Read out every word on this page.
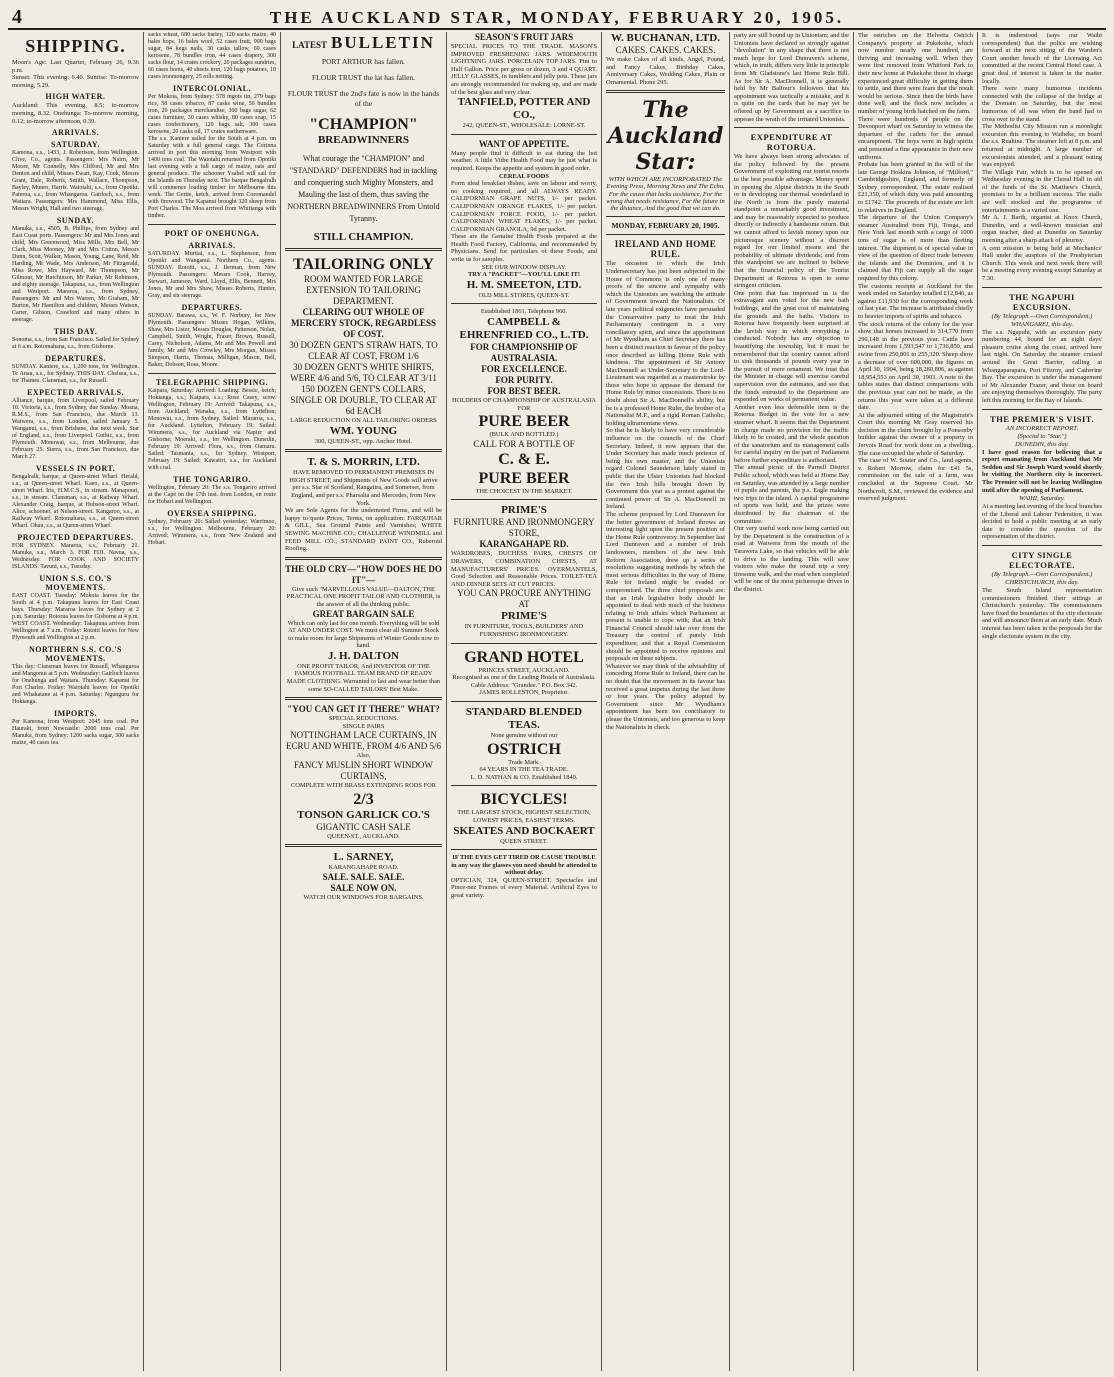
4	THE AUCKLAND STAR, MONDAY, FEBRUARY 20, 1905.
SHIPPING.

Moon's Age: Last Quarter, February 26, 9.36 p.m.

Sunset: This evening: 6.40. Sunrise: To-morrow morning, 5.29.

HIGH WATER.

Auckland: This evening, 8.5; to-morrow morning, 8.32. Onehunga: To-morrow morning, 0.12; to-morrow afternoon, 0.39.

ARRIVALS.
SATURDAY.

Kamona, s.s., 1433, J. Robertson, from Wellington. Clive, Co., agents. Passengers: Mrs Nairn, Mr Moore, Mr Connelly, Mrs Clifford, Mr and Mrs Denton and child, Misses Ewart, Kay, Cook, Messrs Grant, Dale, Roberts, Smith, Wallace, Thompson, Bayley, Munro, Harris. Waiotahi, s.s., from Opotiki. Pateroa, s.s., from Whangaroa. Gairloch, s.s., from Waitara. Passengers: Mrs Hammond, Miss Ellis, Messrs Wright, Hall and two steerage.

SUNDAY.

Manuka, s.s., 4505, B. Phillips, from Sydney and East Coast ports. Passengers: Mr and Mrs Jones and child, Mrs Greenwood, Miss Mills, Mrs Bell, Mr Clark, Miss Mooney, Mr and Mrs Cotton, Messrs Dunn, Scott, Walker, Mason, Young, Lane, Reid, Mr Harding, Mr Wade, Mrs Anderson, Mr Fitzgerald, Miss Rowe, Mrs Hayward, Mr Thompson, Mr Gilmour, Mr Hutchinson, Mr Parker, Mr Robinson, and eighty steerage. Takapuna, s.s., from Wellington and Westport. Mararoa, s.s., from Sydney. Passengers: Mr and Mrs Warren, Mr Graham, Mr Burton, Mr Hamilton and children, Messrs Watson, Carter, Gibson, Crawford and many others in steerage.

THIS DAY.

Sonoma, s.s., from San Francisco. Sailed for Sydney at 6 a.m. Rotomahana, s.s., from Gisborne.

DEPARTURES.

SUNDAY. Kaniere, s.s., 1,200 tons, for Wellington. Te Anau, s.s., for Sydney. THIS DAY. Chelsea, s.s., for Thames. Clansman, s.s., for Russell.

EXPECTED ARRIVALS.

Alliance, barque, from Liverpool, sailed February 10. Victoria, s.s., from Sydney, due Sunday. Moana, R.M.S., from San Francisco, due March 13. Waiwera, s.s., from London, sailed January 5. Wanganui, s.s., from Brisbane, due next week. Star of England, s.s., from Liverpool. Gothic, s.s., from Plymouth. Monowai, s.s., from Melbourne, due February 25. Sierra, s.s., from San Francisco, due March 27.

VESSELS IN PORT.

Bengalralh, barque, at Queen-street Wharf. Herald, s.s., at Queen-street Wharf. Kaeo, s.s., at Queen-street Wharf. Iris, H.M.C.S., in stream. Manapouri, s.s., in stream. Clansman, s.s., at Railway Wharf. Alexander Craig, barque, at Hobson-street Wharf. Alice, schooner, at Nelson-street. Kangaroo, s.s., at Railway Wharf. Rotomahana, s.s., at Queen-street Wharf. Ohau, s.s., at Queen-street Wharf.

PROJECTED DEPARTURES.

FOR SYDNEY. Mararoa, s.s., February 21. Manuka, s.s., March 3. FOR FIJI. Navua, s.s., Wednesday. FOR COOK AND SOCIETY ISLANDS. Tavuni, s.s., Tuesday.

UNION S.S. CO.'S MOVEMENTS.

EAST COAST. Tuesday: Mokoia leaves for the South at 4 p.m. Takapuna leaves for East Coast bays. Thursday: Mararoa leaves for Sydney at 2 p.m. Saturday: Rotorua leaves for Gisborne at 4 p.m. WEST COAST. Wednesday: Takapuna arrives from Wellington at 7 a.m. Friday: Rotoiti leaves for New Plymouth and Wellington at 2 p.m.

NORTHERN S.S. CO.'S MOVEMENTS.

This day: Clansman leaves for Russell, Whangaroa and Mangonui at 5 p.m. Wednesday: Gairloch leaves for Onehunga and Waitara. Thursday: Kapanui for Port Charles. Friday: Waiotahi leaves for Opotiki and Whakatane at 4 p.m. Saturday: Ngunguru for Hokianga.

IMPORTS.

Per Kamona, from Westport: 2045 tons coal. Per Hauraki, from Newcastle: 2000 tons coal. Per Manuka, from Sydney: 1200 sacks sugar, 300 sacks maize, 40 cases tea.

sacks wheat, 680 sacks barley, 120 sacks maize, 40 bales hops, 16 bales wool, 52 cases fruit, 900 bags sugar, 84 kegs nails, 30 casks tallow, 60 cases kerosene, 78 bundles iron, 44 cases drapery, 300 sacks flour, 14 crates crockery, 20 packages sundries, 66 cases boots, 40 sheets iron, 120 bags potatoes, 18 cases ironmongery, 25 rolls netting.

INTERCOLONIAL.

Per Mokoia, from Sydney: 578 ingots tin, 279 bags rice, 58 cases tobacco, 87 casks wine, 56 bundles iron, 20 packages merchandise, 300 bags sugar, 62 cases furniture, 30 cases whisky, 80 cases soap, 15 cases confectionery, 120 bags salt, 300 cases kerosene, 20 casks oil, 17 crates earthenware.

The s.s. Kaniere sailed for the South at 4 p.m. on Saturday with a full general cargo. The Corinna arrived in port this morning from Westport with 1400 tons coal. The Waiotahi returned from Opotiki last evening with a full cargo of maize, oats and general produce. The schooner Ysabel will sail for the Islands on Thursday next. The barque Bengalralh will commence loading timber for Melbourne this week. The Gertie, ketch, arrived from Coromandel with firewood. The Kapanui brought 320 sheep from Port Charles. The Moa arrived from Whitianga with timber.

PORT OF ONEHUNGA.
ARRIVALS.

SATURDAY. Muritai, s.s., L. Stephenson, from Opotiki and Wanganui. Northern Co., agents. SUNDAY. Rotoiti, s.s., J. Ilerman, from New Plymouth. Passengers: Messrs Cook, Harvey, Stewart, Jameson, Ward, Lloyd, Ellis, Bennett, Mrs Jones, Mr and Mrs Shaw, Misses Roberts, Hunter, Gray, and six steerage.

DEPARTURES.

SUNDAY. Barawa, s.s., W. F. Norbury, for New Plymouth. Passengers: Misses Hogan, Wilkins, Shaw, Mrs Lister, Messrs Douglas, Patterson, Nolan, Campbell, Smith, Wright, Fraser, Brown, Russell, Carey, Nicholson, Adams, Mr and Mrs Powell and family, Mr and Mrs Crowley, Mrs Morgan, Misses Simpson, Harris, Thomas, Milligan, Mason, Bell, Baker, Dobson, Ross, Moore.

TELEGRAPHIC SHIPPING.

Kaipara, Saturday: Arrived: Loading: Bessie, ketch; Hokianga, s.s.; Kaipara, s.s.; Rose Casey, scow. Wellington, February 19: Arrived: Takapuna, s.s., from Auckland; Wanaka, s.s., from Lyttelton; Monowai, s.s., from Sydney. Sailed: Mararoa, s.s., for Auckland. Lyttelton, February 19: Sailed: Wimmera, s.s., for Auckland via Napier and Gisborne; Moeraki, s.s., for Wellington. Dunedin, February 19: Arrived: Flora, s.s., from Oamaru. Sailed: Tasmania, s.s., for Sydney. Westport, February 19: Sailed: Kawatiri, s.s., for Auckland with coal.

THE TONGARIRO.

Wellington, February 20: The s.s. Tongariro arrived at the Cape on the 17th inst. from London, en route for Hobart and Wellington.

OVERSEA SHIPPING.

Sydney, February 20: Sailed yesterday: Warrimoo, s.s., for Wellington. Melbourne, February 20: Arrived: Wimmera, s.s., from New Zealand and Hobart.

LATEST BULLETIN
PORT ARTHUR has fallen.
FLOUR TRUST the lat has fallen.
FLOUR TRUST the 2nd's fate is now in the hands of the
"CHAMPION"
BREADWINNERS
What courage the "CHAMPION" and "STANDARD" DEFENDERS had in tackling and conquering such Mighty Monsters, and Mauling the last of them, thus saving the NORTHERN BREADWINNERS From Untold Tyranny.
STILL CHAMPION.
TAILORING ONLY
ROOM WANTED FOR LARGE EXTENSION TO TAILORING DEPARTMENT.
CLEARING OUT WHOLE OF MERCERY STOCK, REGARDLESS OF COST.
30 DOZEN GENT'S STRAW HATS, TO CLEAR AT COST, FROM 1/6
30 DOZEN GENT'S WHITE SHIRTS, WERE 4/6 and 5/6, TO CLEAR AT 3/11
150 DOZEN GENT'S COLLARS, SINGLE OR DOUBLE, TO CLEAR AT 6d EACH
LARGE REDUCTION ON ALL TAILORING ORDERS
WM. YOUNG
300, QUEEN-ST., opp. Anchor Hotel.
T. & S. MORRIN, LTD.
HAVE REMOVED TO PERMANENT PREMISES IN HIGH STREET, and Shipments of New Goods will arrive per s.s. Star of Scotland, Rangatira, and Somerset, from England, and per s.s. Pharsalia and Mercedes, from New York.
We are Sole Agents for the undernoted Firms, and will be happy to quote Prices, Terms, on application: FARQUHAR & GILL, Sea Ground Paints and Varnishes; WHITE SEWING MACHINE CO.; CHALLENGE WINDMILL and FEED MILL CO.; STANDARD PAINT CO., Ruberoid Roofing.
THE OLD CRY—"HOW DOES HE DO IT"—
Give such "MARVELLOUS VALUE—DALTON, THE PRACTICAL ONE PROFIT TAILOR AND CLOTHIER, is the answer of all the thinking public.
GREAT BARGAIN SALE
Which can only last for one month. Everything will be sold AT AND UNDER COST. We must clear all Summer Stock to make room for large Shipments of Winter Goods now to hand.
J. H. DALTON
ONE PROFIT TAILOR, And INVENTOR OF THE FAMOUS FOOTBALL TEAM BRAND OF READY MADE CLOTHING. Warranted to last and wear better than some SO-CALLED TAILORS' Best Make.
"YOU CAN GET IT THERE" WHAT?
SPECIAL REDUCTIONS.
SINGLE PAIRS
NOTTINGHAM LACE CURTAINS, IN ECRU AND WHITE, FROM 4/6 AND 5/6
Also,
FANCY MUSLIN SHORT WINDOW CURTAINS,
COMPLETE WITH BRASS EXTENDING RODS FOR
2/3
TONSON GARLICK CO.'S
GIGANTIC CASH SALE
QUEEN-ST., AUCKLAND.
L. SARNEY,
KARANGAHAPE ROAD.
SALE. SALE. SALE.
SALE NOW ON.
WATCH OUR WINDOWS FOR BARGAINS.
SEASON'S FRUIT JARS
SPECIAL PRICES TO THE TRADE. MASON'S IMPROVED FRESHENING JARS. WIDEMOUTH LIGHTNING JARS. PORCELAIN TOP JARS. Pint to Half Gallon. Price per gross or dozen, 3 and 4 QUART. JELLY GLASSES, in tumblers and jelly pots. These jars are strongly recommended for making up, and are made of the best glass and very clear.
TANFIELD, POTTER AND CO.,
242, QUEEN-ST., WHOLESALE: LORNE-ST.
WANT OF APPETITE.
Many people find it difficult to eat during the hot weather. A little Vitbe Health Food may be just what is required. Keeps the appetite and system in good order.
CEREAL FOODS
Form ideal breakfast dishes, save on labour and worry, no cooking required, and all ALWAYS READY. CALIFORNIAN GRAPE NUTS, 1/- per packet. CALIFORNIAN ORANGE FLAKES, 1/- per packet. CALIFORNIAN FORCE FOOD, 1/- per packet. CALIFORNIAN WHEAT FLAKES, 1/- per packet. CALIFORNIAN GRANOLA, 9d per packet.
These are the Genuine Health Foods prepared at the Health Food Factory, California, and recommended by Physicians. Send for particulars of these Foods, and write us for samples.
SEE OUR WINDOW DISPLAY.
TRY A "PACKET"—YOU'LL LIKE IT!
H. M. SMEETON, LTD.
OLD MILL STORES, QUEEN-ST.
Established 1861. Telephone 960.
CAMPBELL & EHRENFRIED CO., L.TD.
FOR CHAMPIONSHIP OF AUSTRALASIA.
FOR EXCELLENCE.
FOR PURITY.
FOR BEST BEER.
HOLDERS OF CHAMPIONSHIP OF AUSTRALASIA FOR
PURE BEER
(BULK AND BOTTLED.)
CALL FOR A BOTTLE OF
C. & E.
PURE BEER
THE CHOICEST IN THE MARKET.
PRIME'S
FURNITURE AND IRONMONGERY STORE,
KARANGAHAPE RD.
WARDROBES, DUCHESS PAIRS, CHESTS OF DRAWERS, COMBINATION CHESTS, AT MANUFACTURERS' PRICES. OVERMANTELS, Good Selection and Reasonable Prices. TOILET-TEA AND DINNER SETS AT CUT PRICES.
YOU CAN PROCURE ANYTHING AT
PRIME'S
IN FURNITURE, TOOLS, BUILDERS' AND FURNISHING IRONMONGERY.
GRAND HOTEL
PRINCES STREET, AUCKLAND.
Recognised as one of the Leading Hotels of Australasia. Cable Address: "Grandee." P.O. Box 342.
JAMES ROLLESTON, Proprietor.
STANDARD BLENDED TEAS.
None genuine without our
OSTRICH
Trade Mark.
64 YEARS IN THE TEA TRADE.
L. D. NATHAN & CO. Established 1840.
BICYCLES!
THE LARGEST STOCK, HIGHEST SELECTION, LOWEST PRICES, EASIEST TERMS.
SKEATES AND BOCKAERT
QUEEN STREET.
IF THE EYES GET TIRED OR CAUSE TROUBLE in any way the glasses you need should be attended to without delay.
OPTICIAN, 324, QUEEN-STREET. Spectacles and Pince-nez Frames of every Material. Artificial Eyes to great variety.
W. BUCHANAN, LTD.
CAKES. CAKES. CAKES.
We make Cakes of all kinds, Angel, Pound, and Fancy Cakes, Birthday Cakes, Anniversary Cakes, Wedding Cakes, Plain or Ornamental. Phone 295.
The Auckland Star:
WITH WHICH ARE INCORPORATED The Evening Press, Morning News and The Echo.
For the cause that lacks assistance, For the wrong that needs resistance, For the future in the distance, And the good that we can do.
MONDAY, FEBRUARY 20, 1905.
IRELAND AND HOME RULE.

The occasion to which the Irish Undersecretary has just been subjected in the House of Commons is only one of many proofs of the sincere and sympathy with which the Unionists are watching the attitude of Government toward the Nationalists. Of late years political exigencies have persuaded the Conservative party to treat the Irish Parliamentary contingent in a very conciliatory spirit, and since the appointment of Mr Wyndham as Chief Secretary there has been a distinct reaction in favour of the policy once described as killing Home Rule with kindness. The appointment of Sir Antony MacDonnell as Under-Secretary to the Lord-Lieutenant was regarded as a masterstroke by those who hope to appease the demand for Home Rule by minor concessions. There is no doubt about Sir A. MacDonnell's ability, but he is a professed Home Ruler, the brother of a Nationalist M.P., and a rigid Roman Catholic, holding ultramontane views.

So that he is likely to have very considerable influence on the councils of the Chief Secretary. Indeed, it now appears that the Under Secretary has made much pretence of being his own master, and the Unionists regard Colonel Saunderson lately stated in public that the Ulster Unionists had blocked the two Irish bills brought down by Government this year as a protest against the continued power of Sir A. MacDonnell in Ireland.

The scheme proposed by Lord Dunraven for the better government of Ireland throws an interesting light upon the present position of the Home Rule controversy. In September last Lord Dunraven and a number of Irish landowners, members of the new Irish Reform Association, drew up a series of resolutions suggesting methods by which the most serious difficulties in the way of Home Rule for Ireland might be evaded or compromised. The three chief proposals are: that an Irish legislative body should be appointed to deal with much of the business relating to Irish affairs which Parliament at present is unable to cope with; that an Irish Financial Council should take over from the Treasury the control of purely Irish expenditure; and that a Royal Commission should be appointed to receive opinions and proposals on these subjects.

Whatever we may think of the advisability of conceding Home Rule to Ireland, there can be no doubt that the movement in its favour has received a great impetus during the last three or four years. The policy adopted by Government since Mr Wyndham's appointment has been too conciliatory to please the Unionists, and too generous to keep the Nationalists in check.

party are still bound up in Unionism; and the Unionists have declared so strongly against "devolution" in any shape that there is not much hope for Lord Dunraven's scheme, which, in truth, differs very little in principle from Mr Gladstone's last Home Rule Bill. As for Sir A. MacDonnell, it is generally held by Mr Balfour's followers that his appointment was tactically a mistake, and it is quite on the cards that he may yet be offered up by Government as a sacrifice to appease the wrath of the irritated Unionists.

EXPENDITURE AT ROTORUA.

We have always been strong advocates of the policy followed by the present Government of exploiting our tourist resorts to the best possible advantage. Money spent in opening the Alpine districts in the South or in developing our thermal wonderland in the North is from the purely material standpoint a remarkably good investment, and may be reasonably expected to produce directly or indirectly a handsome return. But we cannot afford to lavish money upon our picturesque scenery without a discreet regard for our limited means and the probability of ultimate dividends; and from this standpoint we are inclined to believe that the financial policy of the Tourist Department at Rotorua is open to some stringent criticism.

One point that has impressed us is the extravagant sum voted for the new bath buildings, and the great cost of maintaining the grounds and the baths. Visitors to Rotorua have frequently been surprised at the lavish way in which everything is conducted. Nobody has any objection to beautifying the township, but it must be remembered that the country cannot afford to sink thousands of pounds every year in the pursuit of mere ornament. We trust that the Minister in charge will exercise careful supervision over the estimates, and see that the funds entrusted to the Department are expended on works of permanent value.

Another even less defensible item is the Rotorua Budget in the vote for a new steamer wharf. It seems that the Department in charge made no provision for the traffic likely to be created, and the whole question of the sanatorium and its management calls for careful inquiry on the part of Parliament before further expenditure is authorised.

The annual picnic of the Parnell District Public school, which was held at Home Bay on Saturday, was attended by a large number of pupils and parents, the p.s. Eagle making two trips to the island. A capital programme of sports was held, and the prizes were distributed by the chairman of the committee.

Our very useful work now being carried out by the Department is the construction of a road at Waiwera from the mouth of the Tarawera Lake, so that vehicles will be able to drive to the landing. This will save visitors who make the round trip a very tiresome walk, and the road when completed will be one of the most picturesque drives in the district.

The ostriches on the Helvetia Ostrich Company's property at Pukekohe, which now number nearly one hundred, are thriving and increasing well. When they were first removed from Whitford Park to their new home at Pukekohe those in charge experienced great difficulty in getting them to settle, and there were fears that the result would be serious. Since then the birds have done well, and the flock now includes a number of young birds hatched on the farm.

There were hundreds of people on the Devonport wharf on Saturday to witness the departure of the cadets for the annual encampment. The boys were in high spirits and presented a fine appearance in their new uniforms.

Probate has been granted in the will of the late George Hoskins Johnson, of "Milford," Cambridgeshire, England, and formerly of Sydney correspondent. The estate realised £21,350, of which duty was paid amounting to £1742. The proceeds of the estate are left to relatives in England.

The departure of the Union Company's steamer Australind from Fiji, Tonga, and New York last month with a cargo of 1000 tons of sugar is of more than fleeting interest. The shipment is of special value in view of the question of direct trade between the islands and the Dominion, and it is claimed that Fiji can supply all the sugar required by this colony.

The customs receipts at Auckland for the week ended on Saturday totalled £12,846, as against £11,930 for the corresponding week of last year. The increase is attributed chiefly to heavier imports of spirits and tobacco.

The stock returns of the colony for the year show that horses increased to 314,770 from 296,148 in the previous year. Cattle have increased from 1,593,547 to 1,736,850, and swine from 250,801 to 255,320. Sheep show a decrease of over 600,000, the figures on April 30, 1904, being 18,280,806, as against 18,954,553 on April 30, 1903. A note to the tables states that distinct comparisons with the previous year can not be made, as the returns this year were taken at a different date.

At the adjourned sitting of the Magistrate's Court this morning Mr Gray reserved his decision in the claim brought by a Ponsonby builder against the owner of a property in Jervois Road for work done on a dwelling. The case occupied the whole of Saturday.

The case of W. Souter and Co., land agents, v. Robert Morrow, claim for £41 5s, commission on the sale of a farm, was concluded at the Supreme Court. Mr Northcroft, S.M., reviewed the evidence and reserved judgment.

It is understood (says our Waihi correspondent) that the police are wishing forward at the next sitting of the Warden's Court another breach of the Licensing Act committed at the recent Central Hotel case. A great deal of interest is taken in the matter locally.

There were many humorous incidents connected with the collapse of the bridge at the Domain on Saturday, but the most humorous of all was when the band had to cross over to the stand.

The Methodist City Mission ran a moonlight excursion this evening to Waiheke, on board the s.s. Ruahine. The steamer left at 8 p.m. and returned at midnight. A large number of excursionists attended, and a pleasant outing was enjoyed.

The Village Fair, which is to be opened on Wednesday evening in the Choral Hall in aid of the funds of the St. Matthew's Church, promises to be a brilliant success. The stalls are well stocked and the programme of entertainments is a varied one.

Mr A. J. Barth, organist at Knox Church, Dunedin, and a well-known musician and organ teacher, died at Dunedin on Saturday morning after a sharp attack of pleurisy.

A cent mission is being held at Mechanics' Hall under the auspices of the Presbyterian Church. This week and next week there will be a meeting every evening except Saturday at 7.30.

THE NGAPUHI EXCURSION.
(By Telegraph.—Own Correspondent.)
WHANGAREI, this day.

The s.s. Ngapuhi, with an excursion party numbering 44, bound for an eight days' pleasure cruise along the coast, arrived here last night. On Saturday the steamer cruised around the Great Barrier, calling at Whangaparapara, Port Fitzroy, and Catherine Bay. The excursion is under the management of Mr Alexander Frazer, and those on board are enjoying themselves thoroughly. The party left this morning for the Bay of Islands.

THE PREMIER'S VISIT.
AN INCORRECT REPORT.
(Special to "Star.")
DUNEDIN, this day.

I have good reason for believing that a report emanating from Auckland that Mr Seddon and Sir Joseph Ward would shortly be visiting the Northern city is incorrect. The Premier will not be leaving Wellington until after the opening of Parliament.

WAIHI, Saturday.

At a meeting last evening of the local branches of the Liberal and Labour Federation, it was decided to hold a public meeting at an early date to consider the question of the representation of the district.

CITY SINGLE ELECTORATE.
(By Telegraph.—Own Correspondent.)
CHRISTCHURCH, this day.

The South Island representation commissioners finished their sittings at Christchurch yesterday. The commissioners have fixed the boundaries of the city electorate and will announce them at an early date. Much interest has been taken in the proposals for the single electorate system in the city.
